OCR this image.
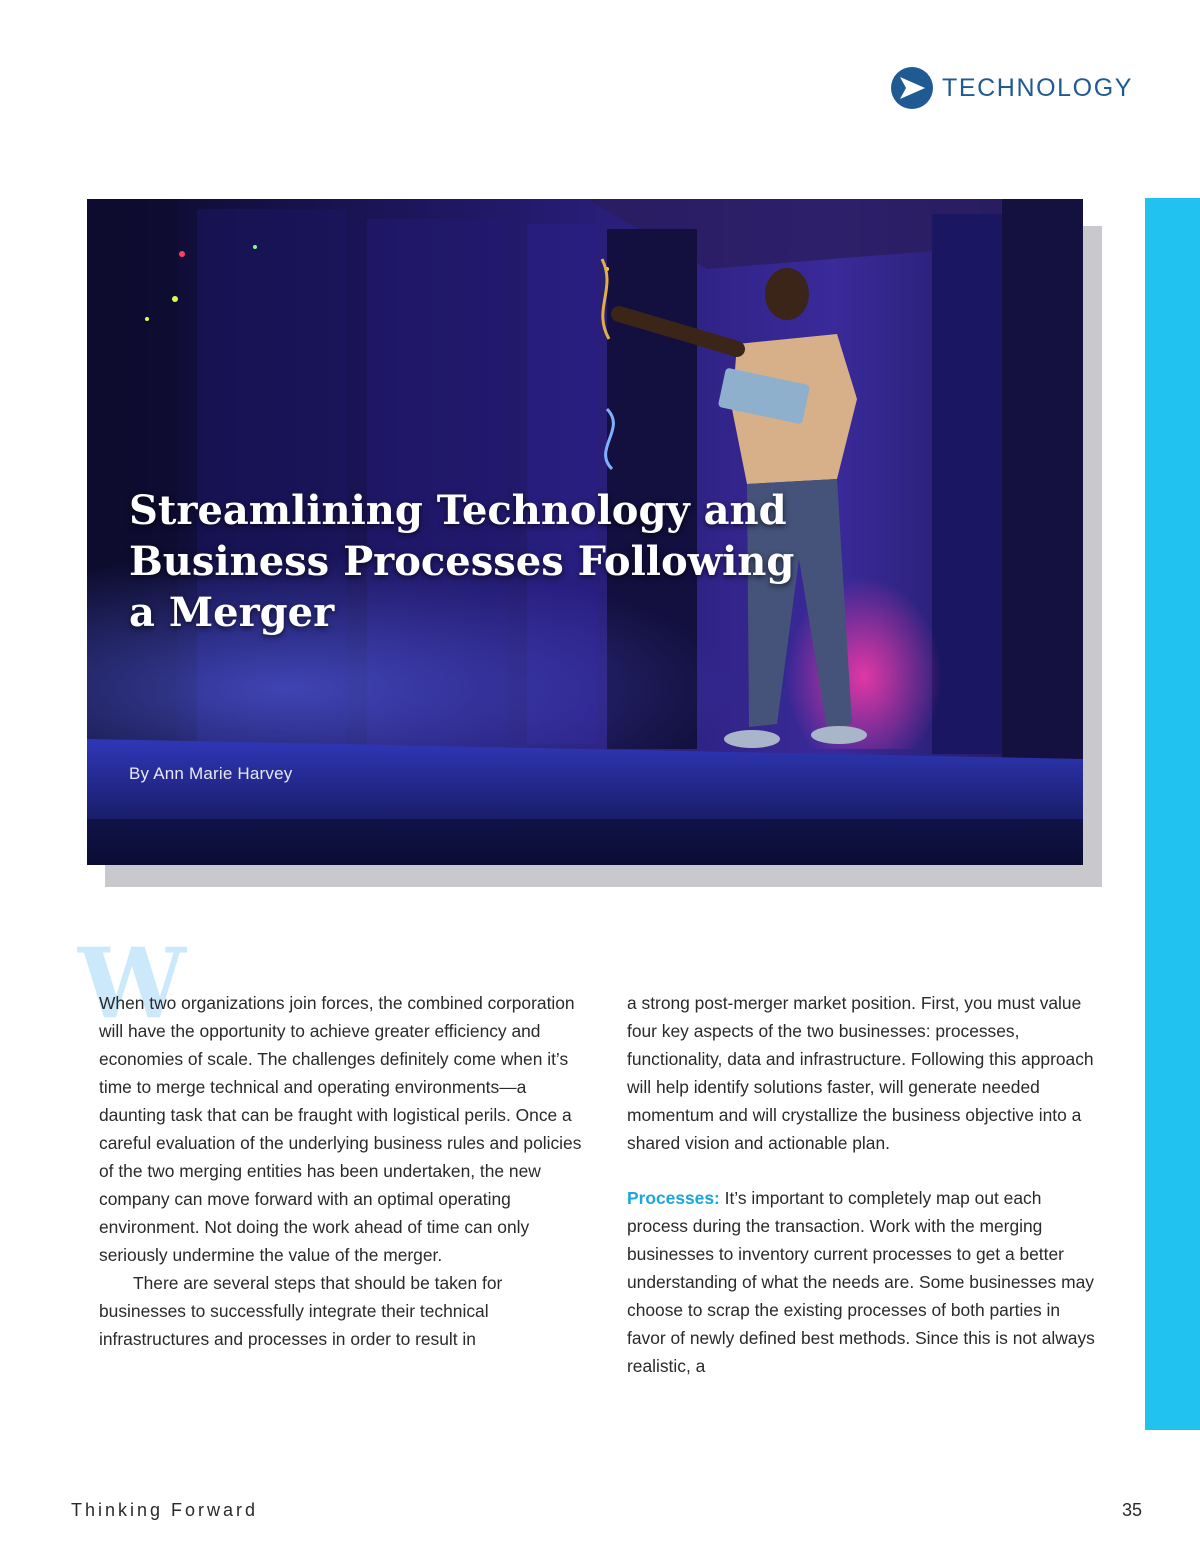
TECHNOLOGY
Streamlining Technology and Business Processes Following a Merger
By Ann Marie Harvey
W

When two organizations join forces, the combined corporation will have the opportunity to achieve greater efficiency and economies of scale. The challenges definitely come when it’s time to merge technical and operating environments—a daunting task that can be fraught with logistical perils. Once a careful evaluation of the underlying business rules and policies of the two merging entities has been undertaken, the new company can move forward with an optimal operating environment. Not doing the work ahead of time can only seriously undermine the value of the merger.

There are several steps that should be taken for businesses to successfully integrate their technical infrastructures and processes in order to result in

a strong post-merger market position. First, you must value four key aspects of the two businesses: processes, functionality, data and infrastructure. Following this approach will help identify solutions faster, will generate needed momentum and will crystallize the business objective into a shared vision and actionable plan.

Processes: It’s important to completely map out each process during the transaction. Work with the merging businesses to inventory current processes to get a better understanding of what the needs are. Some businesses may choose to scrap the existing processes of both parties in favor of newly defined best methods. Since this is not always realistic, a

Thinking Forward	35
